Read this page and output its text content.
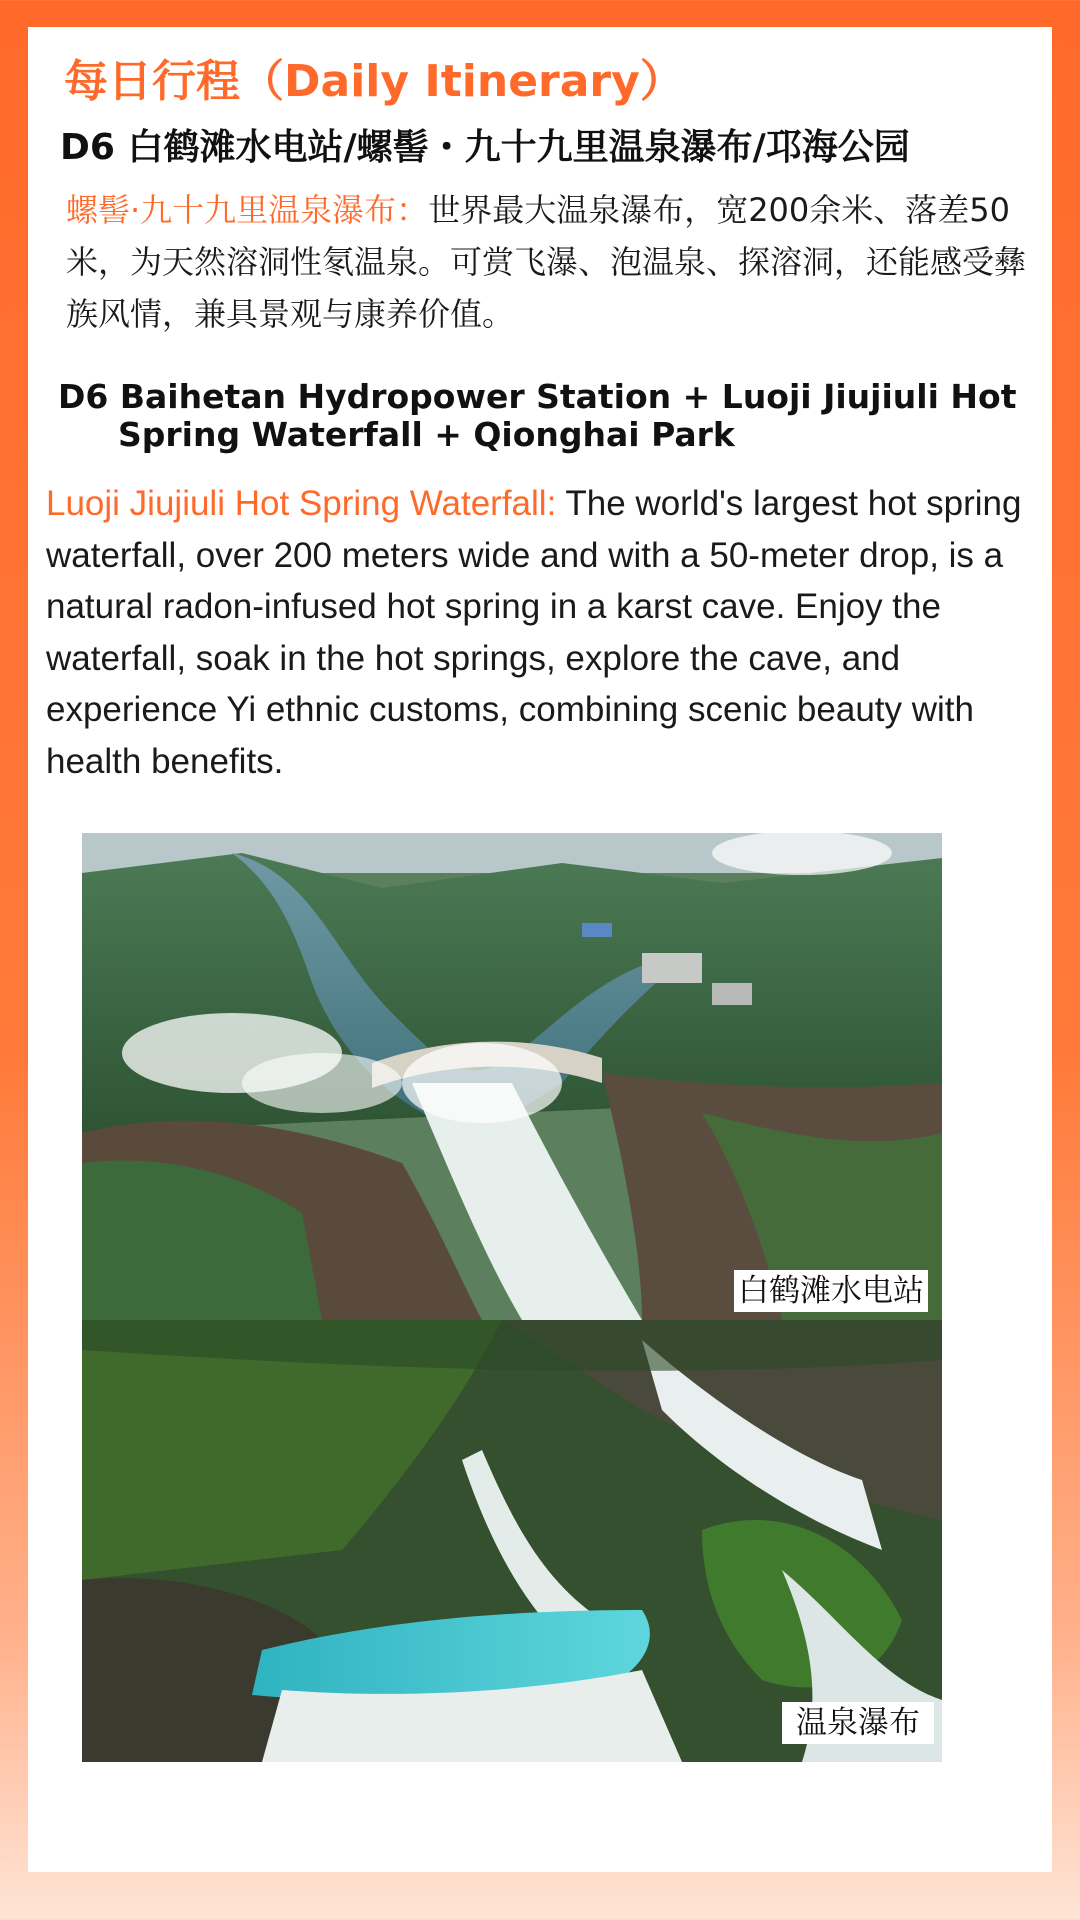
每日行程（Daily Itinerary）
D6 白鹤滩水电站/螺髻・九十九里温泉瀑布/邛海公园
螺髻·九十九里温泉瀑布：世界最大温泉瀑布，宽200余米、落差50米，为天然溶洞性氡温泉。可赏飞瀑、泡温泉、探溶洞，还能感受彝族风情，兼具景观与康养价值。
D6 Baihetan Hydropower Station + Luoji Jiujiuli Hot Spring Waterfall + Qionghai Park
Luoji Jiujiuli Hot Spring Waterfall: The world's largest hot spring waterfall, over 200 meters wide and with a 50-meter drop, is a natural radon-infused hot spring in a karst cave. Enjoy the waterfall, soak in the hot springs, explore the cave, and experience Yi ethnic customs, combining scenic beauty with health benefits.
白鹤滩水电站
温泉瀑布
